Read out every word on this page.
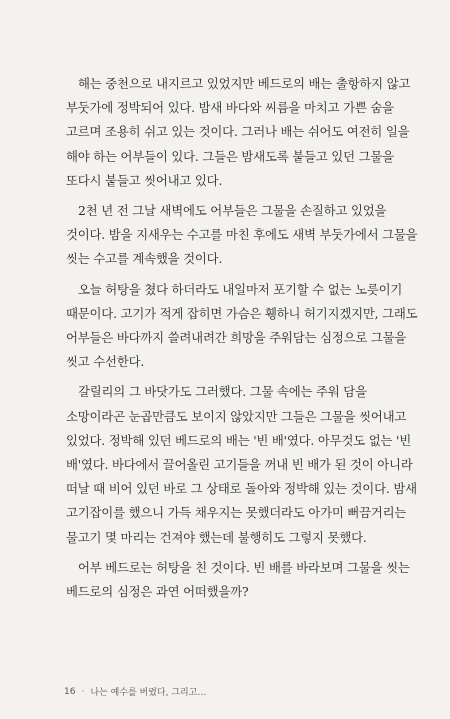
해는 중천으로 내지르고 있었지만 베드로의 배는 출항하지 않고 부둣가에 정박되어 있다. 밤새 바다와 씨름을 마치고 가쁜 숨을 고르며 조용히 쉬고 있는 것이다. 그러나 배는 쉬어도 여전히 일을 해야 하는 어부들이 있다. 그들은 밤새도록 붙들고 있던 그물을 또다시 붙들고 씻어내고 있다.

2천 년 전 그날 새벽에도 어부들은 그물을 손질하고 있었을 것이다. 밤을 지새우는 수고를 마친 후에도 새벽 부둣가에서 그물을 씻는 수고를 계속했을 것이다.

오늘 허탕을 쳤다 하더라도 내일마저 포기할 수 없는 노릇이기 때문이다. 고기가 적게 잡히면 가슴은 휑하니 허기지겠지만, 그래도 어부들은 바다까지 쓸려내려간 희망을 주워담는 심정으로 그물을 씻고 수선한다.

갈릴리의 그 바닷가도 그러했다. 그물 속에는 주워 담을 소망이라곤 눈곱만큼도 보이지 않았지만 그들은 그물을 씻어내고 있었다. 정박해 있던 베드로의 배는 '빈 배'였다. 아무것도 없는 '빈 배'였다. 바다에서 끌어올린 고기들을 꺼내 빈 배가 된 것이 아니라 떠날 때 비어 있던 바로 그 상태로 돌아와 정박해 있는 것이다. 밤새 고기잡이를 했으니 가득 채우지는 못했더라도 아가미 뻐끔거리는 물고기 몇 마리는 건져야 했는데 불행히도 그렇지 못했다.

어부 베드로는 허탕을 친 것이다. 빈 배를 바라보며 그물을 씻는 베드로의 심정은 과연 어떠했을까?

16 · 나는 예수를 버렸다, 그리고…
